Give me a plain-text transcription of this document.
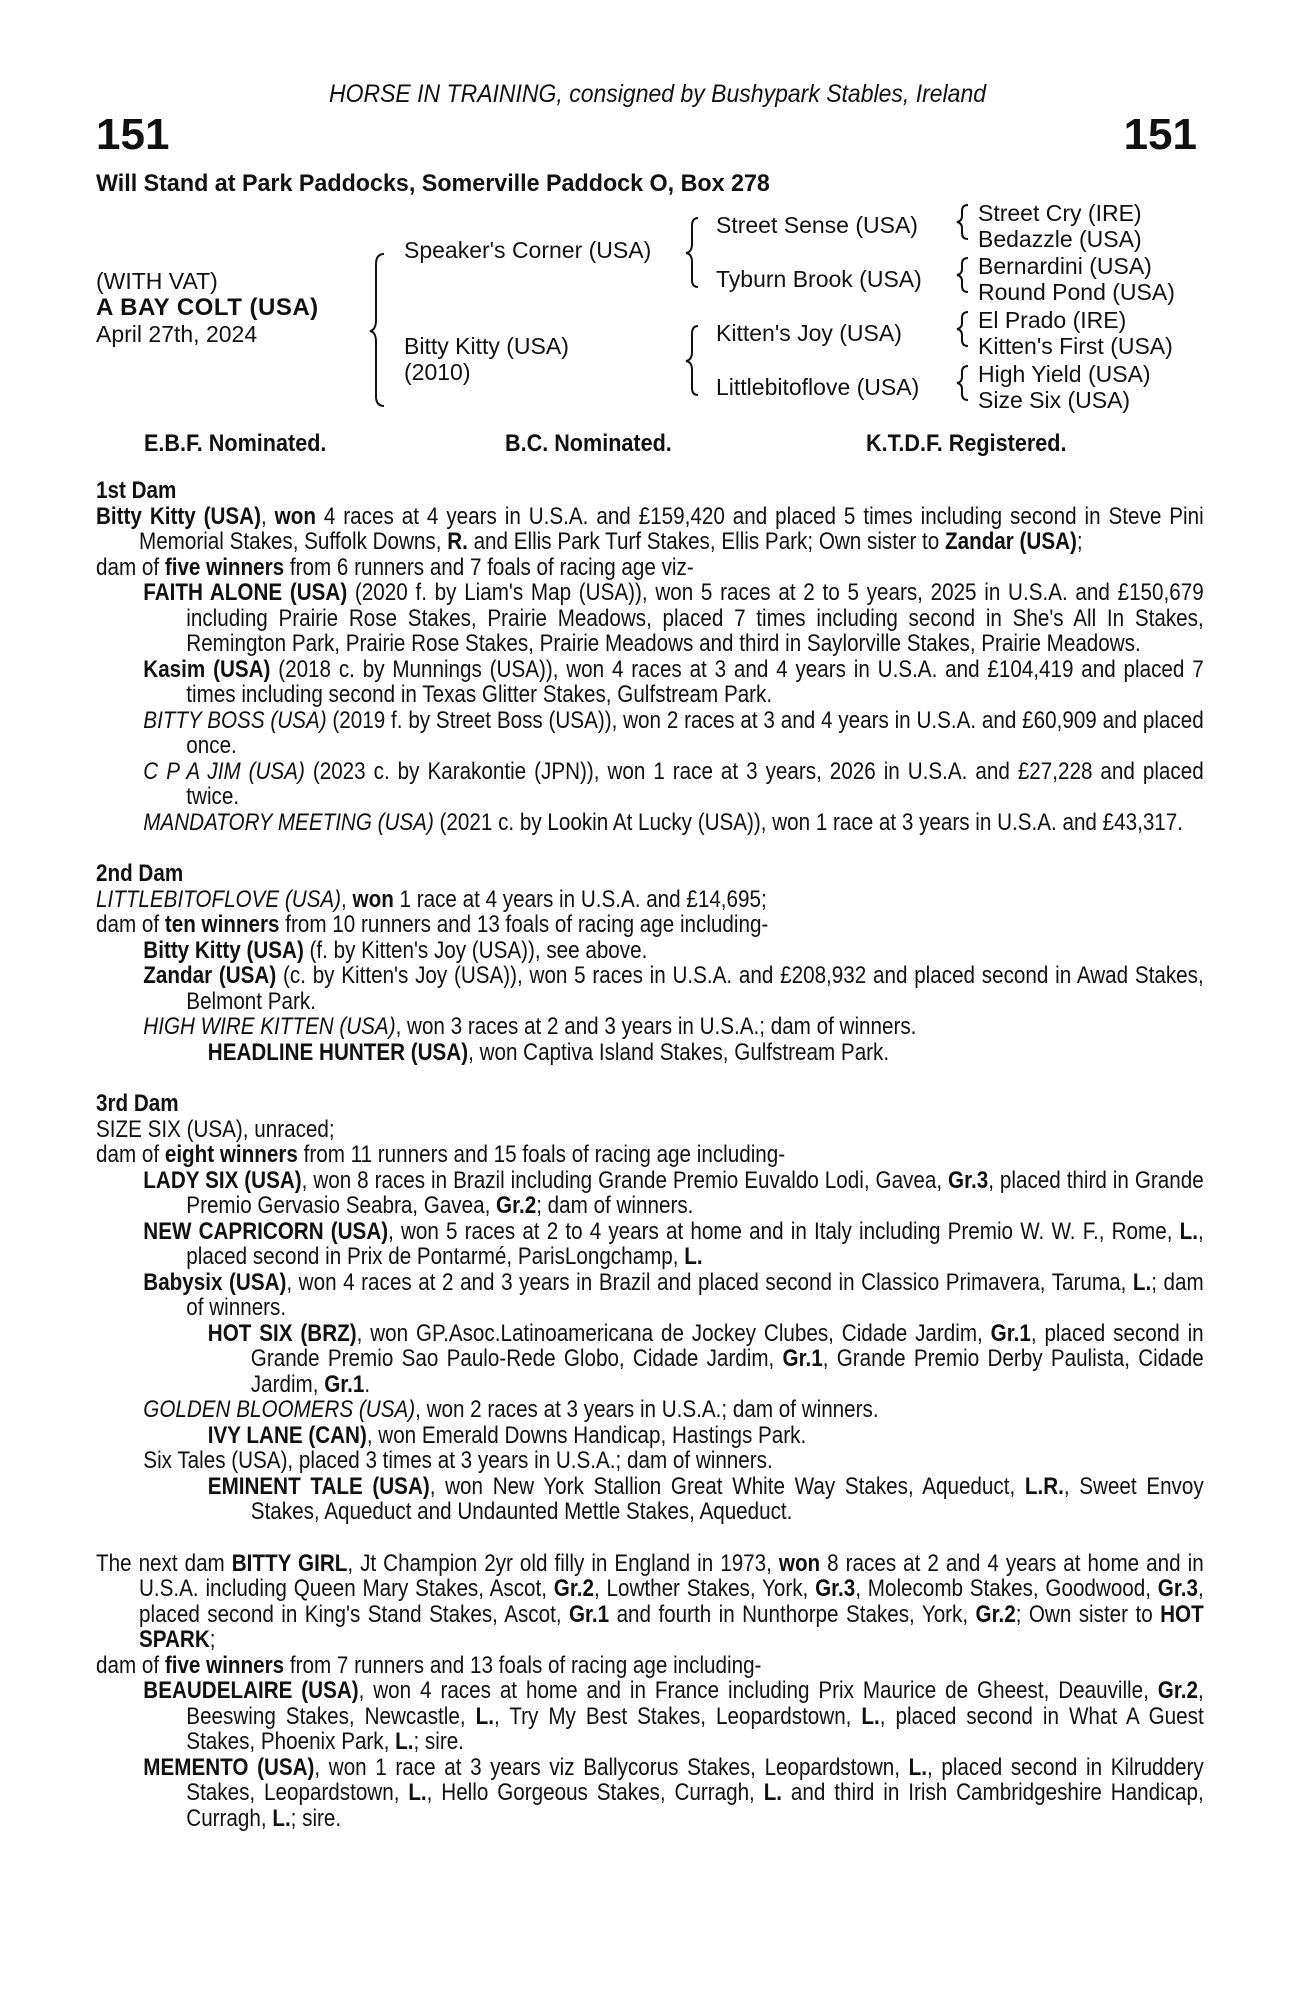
HORSE IN TRAINING, consigned by Bushypark Stables, Ireland
151	151
Will Stand at Park Paddocks, Somerville Paddock O, Box 278
(WITH VAT)
A BAY COLT (USA)
April 27th, 2024
Speaker's Corner (USA)
Bitty Kitty (USA)
(2010)
Street Sense (USA)
Tyburn Brook (USA)
Kitten's Joy (USA)
Littlebitoflove (USA)
Street Cry (IRE)
Bedazzle (USA)
Bernardini (USA)
Round Pond (USA)
El Prado (IRE)
Kitten's First (USA)
High Yield (USA)
Size Six (USA)
E.B.F. Nominated.	B.C. Nominated.	K.T.D.F. Registered.
1st Dam
Bitty Kitty (USA), won 4 races at 4 years in U.S.A. and £159,420 and placed 5 times including second in Steve Pini Memorial Stakes, Suffolk Downs, R. and Ellis Park Turf Stakes, Ellis Park; Own sister to Zandar (USA);
dam of five winners from 6 runners and 7 foals of racing age viz-
FAITH ALONE (USA) (2020 f. by Liam's Map (USA)), won 5 races at 2 to 5 years, 2025 in U.S.A. and £150,679 including Prairie Rose Stakes, Prairie Meadows, placed 7 times including second in She's All In Stakes, Remington Park, Prairie Rose Stakes, Prairie Meadows and third in Saylorville Stakes, Prairie Meadows.
Kasim (USA) (2018 c. by Munnings (USA)), won 4 races at 3 and 4 years in U.S.A. and £104,419 and placed 7 times including second in Texas Glitter Stakes, Gulfstream Park.
BITTY BOSS (USA) (2019 f. by Street Boss (USA)), won 2 races at 3 and 4 years in U.S.A. and £60,909 and placed once.
C P A JIM (USA) (2023 c. by Karakontie (JPN)), won 1 race at 3 years, 2026 in U.S.A. and £27,228 and placed twice.
MANDATORY MEETING (USA) (2021 c. by Lookin At Lucky (USA)), won 1 race at 3 years in U.S.A. and £43,317.
2nd Dam
LITTLEBITOFLOVE (USA), won 1 race at 4 years in U.S.A. and £14,695;
dam of ten winners from 10 runners and 13 foals of racing age including-
Bitty Kitty (USA) (f. by Kitten's Joy (USA)), see above.
Zandar (USA) (c. by Kitten's Joy (USA)), won 5 races in U.S.A. and £208,932 and placed second in Awad Stakes, Belmont Park.
HIGH WIRE KITTEN (USA), won 3 races at 2 and 3 years in U.S.A.; dam of winners.
HEADLINE HUNTER (USA), won Captiva Island Stakes, Gulfstream Park.
3rd Dam
SIZE SIX (USA), unraced;
dam of eight winners from 11 runners and 15 foals of racing age including-
LADY SIX (USA), won 8 races in Brazil including Grande Premio Euvaldo Lodi, Gavea, Gr.3, placed third in Grande Premio Gervasio Seabra, Gavea, Gr.2; dam of winners.
NEW CAPRICORN (USA), won 5 races at 2 to 4 years at home and in Italy including Premio W. W. F., Rome, L., placed second in Prix de Pontarmé, ParisLongchamp, L.
Babysix (USA), won 4 races at 2 and 3 years in Brazil and placed second in Classico Primavera, Taruma, L.; dam of winners.
HOT SIX (BRZ), won GP.Asoc.Latinoamericana de Jockey Clubes, Cidade Jardim, Gr.1, placed second in Grande Premio Sao Paulo-Rede Globo, Cidade Jardim, Gr.1, Grande Premio Derby Paulista, Cidade Jardim, Gr.1.
GOLDEN BLOOMERS (USA), won 2 races at 3 years in U.S.A.; dam of winners.
IVY LANE (CAN), won Emerald Downs Handicap, Hastings Park.
Six Tales (USA), placed 3 times at 3 years in U.S.A.; dam of winners.
EMINENT TALE (USA), won New York Stallion Great White Way Stakes, Aqueduct, L.R., Sweet Envoy Stakes, Aqueduct and Undaunted Mettle Stakes, Aqueduct.
The next dam BITTY GIRL, Jt Champion 2yr old filly in England in 1973, won 8 races at 2 and 4 years at home and in U.S.A. including Queen Mary Stakes, Ascot, Gr.2, Lowther Stakes, York, Gr.3, Molecomb Stakes, Goodwood, Gr.3, placed second in King's Stand Stakes, Ascot, Gr.1 and fourth in Nunthorpe Stakes, York, Gr.2; Own sister to HOT SPARK;
dam of five winners from 7 runners and 13 foals of racing age including-
BEAUDELAIRE (USA), won 4 races at home and in France including Prix Maurice de Gheest, Deauville, Gr.2, Beeswing Stakes, Newcastle, L., Try My Best Stakes, Leopardstown, L., placed second in What A Guest Stakes, Phoenix Park, L.; sire.
MEMENTO (USA), won 1 race at 3 years viz Ballycorus Stakes, Leopardstown, L., placed second in Kilruddery Stakes, Leopardstown, L., Hello Gorgeous Stakes, Curragh, L. and third in Irish Cambridgeshire Handicap, Curragh, L.; sire.
